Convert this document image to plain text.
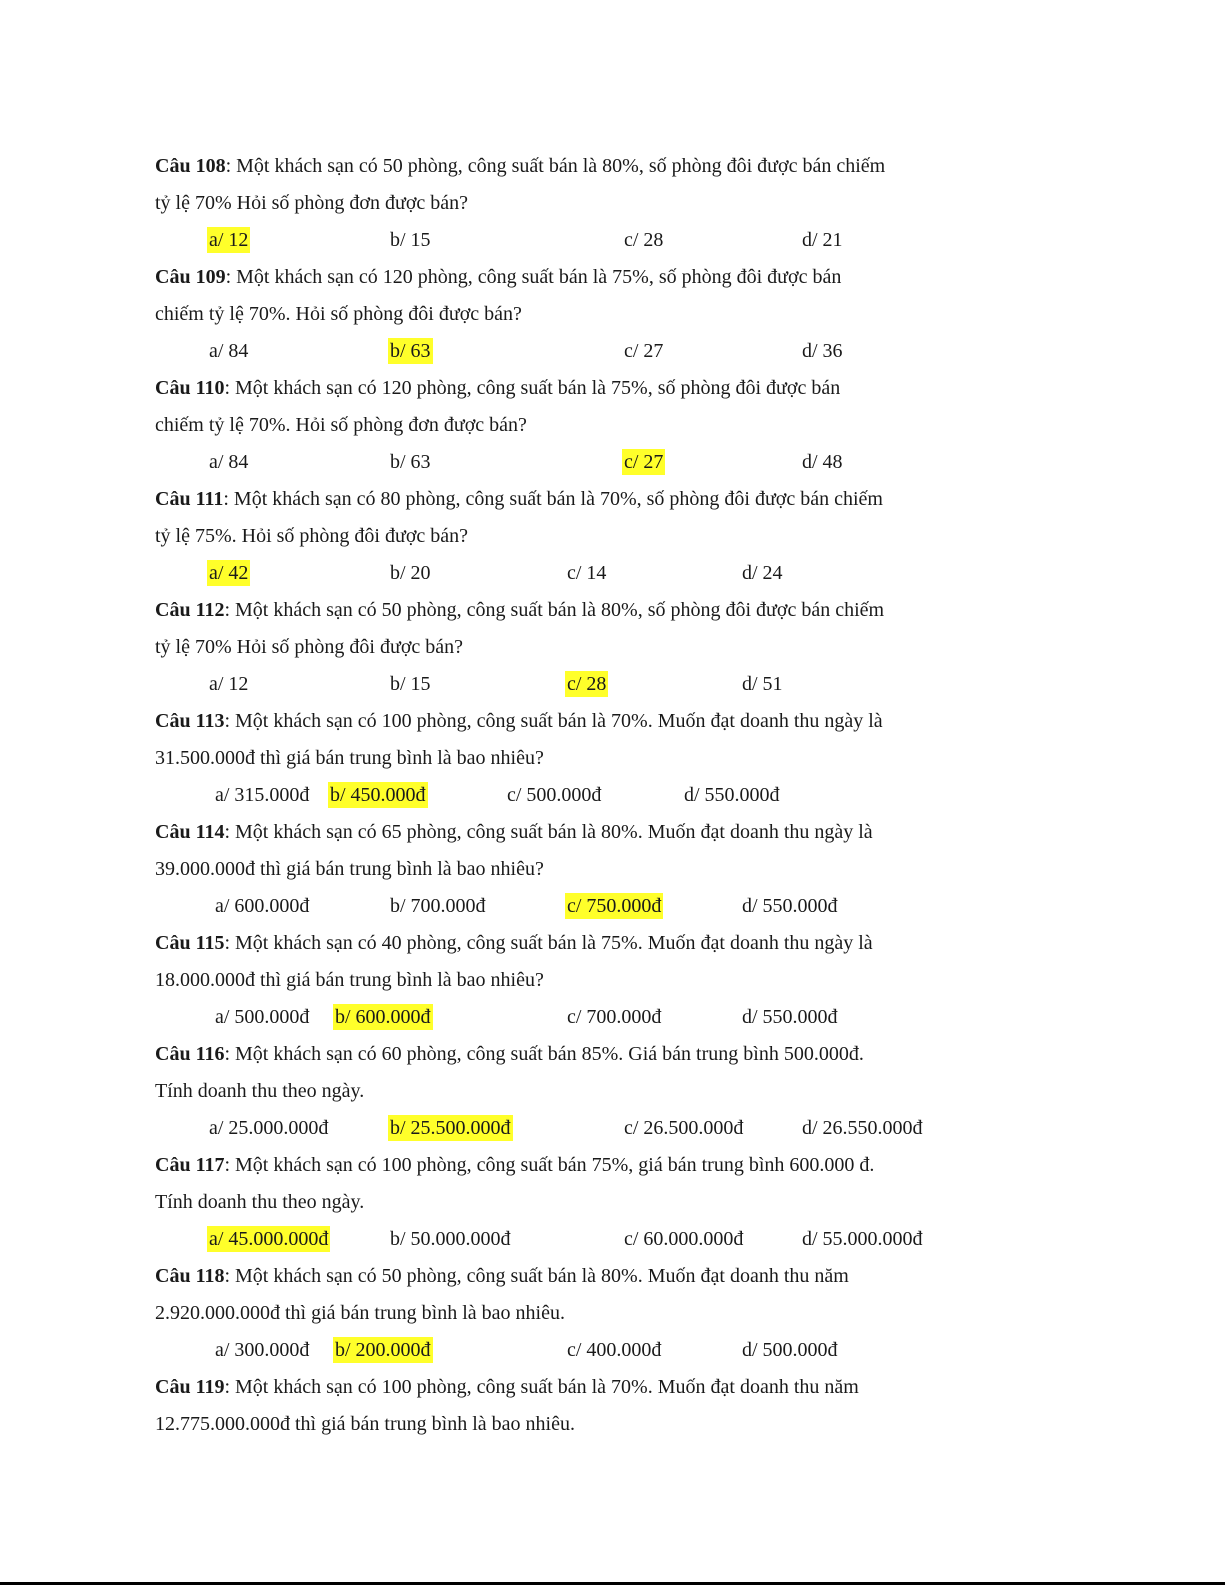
Câu 108: Một khách sạn có 50 phòng, công suất bán là 80%, số phòng đôi được bán chiếm
tỷ lệ 70% Hỏi số phòng đơn được bán?
a/ 12	b/ 15	c/ 28	d/ 21
Câu 109: Một khách sạn có 120 phòng, công suất bán là 75%, số phòng đôi được bán
chiếm tỷ lệ 70%. Hỏi số phòng đôi được bán?
a/ 84	b/ 63	c/ 27	d/ 36
Câu 110: Một khách sạn có 120 phòng, công suất bán là 75%, số phòng đôi được bán
chiếm tỷ lệ 70%. Hỏi số phòng đơn được bán?
a/ 84	b/ 63	c/ 27	d/ 48
Câu 111: Một khách sạn có 80 phòng, công suất bán là 70%, số phòng đôi được bán chiếm
tỷ lệ 75%. Hỏi số phòng đôi được bán?
a/ 42	b/ 20	c/ 14	d/ 24
Câu 112: Một khách sạn có 50 phòng, công suất bán là 80%, số phòng đôi được bán chiếm
tỷ lệ 70% Hỏi số phòng đôi được bán?
a/ 12	b/ 15	c/ 28	d/ 51
Câu 113: Một khách sạn có 100 phòng, công suất bán là 70%. Muốn đạt doanh thu ngày là
31.500.000đ thì giá bán trung bình là bao nhiêu?
a/ 315.000đ b/ 450.000đ	c/ 500.000đ	d/ 550.000đ
Câu 114: Một khách sạn có 65 phòng, công suất bán là 80%. Muốn đạt doanh thu ngày là
39.000.000đ thì giá bán trung bình là bao nhiêu?
a/ 600.000đ	b/ 700.000đ	c/ 750.000đ	d/ 550.000đ
Câu 115: Một khách sạn có 40 phòng, công suất bán là 75%. Muốn đạt doanh thu ngày là
18.000.000đ thì giá bán trung bình là bao nhiêu?
a/ 500.000đ b/ 600.000đ	c/ 700.000đ	d/ 550.000đ
Câu 116: Một khách sạn có 60 phòng, công suất bán 85%. Giá bán trung bình 500.000đ.
Tính doanh thu theo ngày.
a/ 25.000.000đ	b/ 25.500.000đ	c/ 26.500.000đ	d/ 26.550.000đ
Câu 117: Một khách sạn có 100 phòng, công suất bán 75%, giá bán trung bình 600.000 đ.
Tính doanh thu theo ngày.
a/ 45.000.000đ	b/ 50.000.000đ	c/ 60.000.000đ	d/ 55.000.000đ
Câu 118: Một khách sạn có 50 phòng, công suất bán là 80%. Muốn đạt doanh thu năm
2.920.000.000đ thì giá bán trung bình là bao nhiêu.
a/ 300.000đ b/ 200.000đ	c/ 400.000đ	d/ 500.000đ
Câu 119: Một khách sạn có 100 phòng, công suất bán là 70%. Muốn đạt doanh thu năm
12.775.000.000đ thì giá bán trung bình là bao nhiêu.
